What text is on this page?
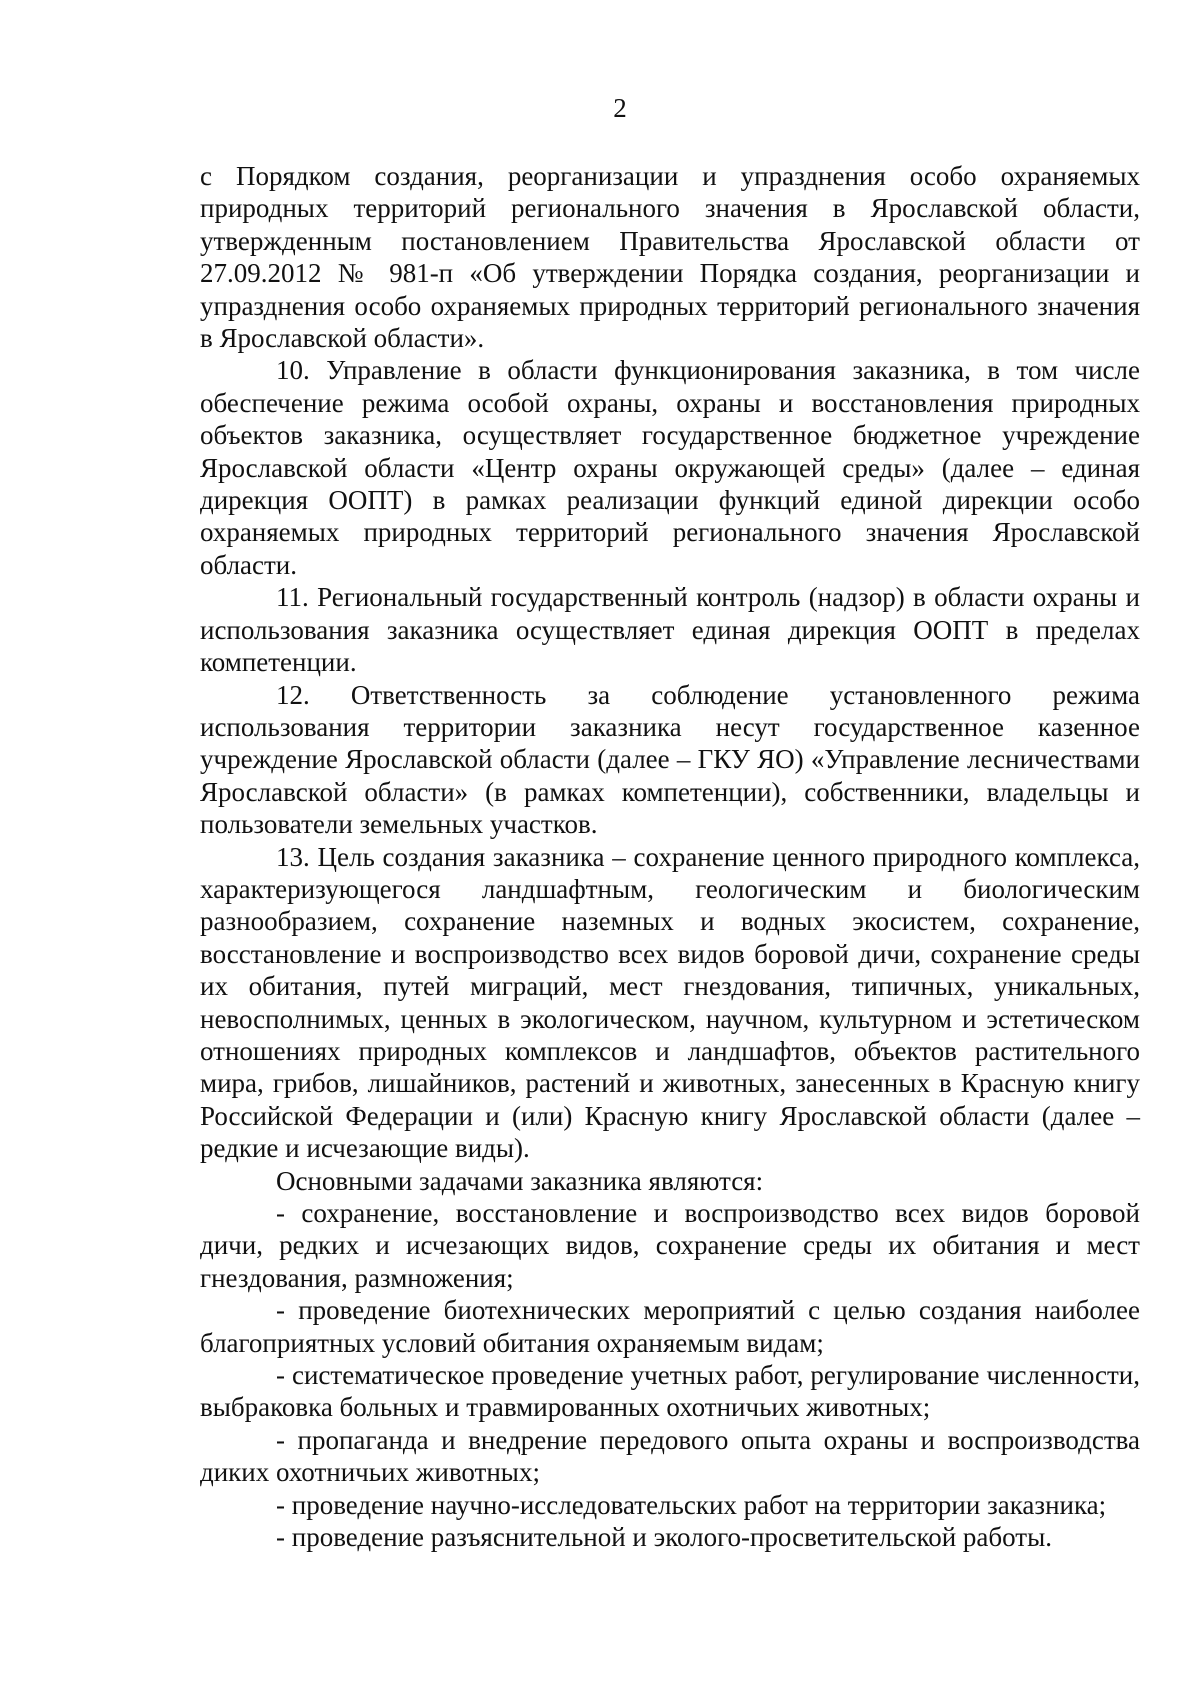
2

с Порядком создания, реорганизации и упразднения особо охраняемых природных территорий регионального значения в Ярославской области, утвержденным постановлением Правительства Ярославской области от 27.09.2012 № 981-п «Об утверждении Порядка создания, реорганизации и упразднения особо охраняемых природных территорий регионального значения в Ярославской области».

10. Управление в области функционирования заказника, в том числе обеспечение режима особой охраны, охраны и восстановления природных объектов заказника, осуществляет государственное бюджетное учреждение Ярославской области «Центр охраны окружающей среды» (далее – единая дирекция ООПТ) в рамках реализации функций единой дирекции особо охраняемых природных территорий регионального значения Ярославской области.

11. Региональный государственный контроль (надзор) в области охраны и использования заказника осуществляет единая дирекция ООПТ в пределах компетенции.

12. Ответственность за соблюдение установленного режима использования территории заказника несут государственное казенное учреждение Ярославской области (далее – ГКУ ЯО) «Управление лесничествами Ярославской области» (в рамках компетенции), собственники, владельцы и пользователи земельных участков.

13. Цель создания заказника – сохранение ценного природного комплекса, характеризующегося ландшафтным, геологическим и биологическим разнообразием, сохранение наземных и водных экосистем, сохранение, восстановление и воспроизводство всех видов боровой дичи, сохранение среды их обитания, путей миграций, мест гнездования, типичных, уникальных, невосполнимых, ценных в экологическом, научном, культурном и эстетическом отношениях природных комплексов и ландшафтов, объектов растительного мира, грибов, лишайников, растений и животных, занесенных в Красную книгу Российской Федерации и (или) Красную книгу Ярославской области (далее – редкие и исчезающие виды).

Основными задачами заказника являются:

- сохранение, восстановление и воспроизводство всех видов боровой дичи, редких и исчезающих видов, сохранение среды их обитания и мест гнездования, размножения;

- проведение биотехнических мероприятий с целью создания наиболее благоприятных условий обитания охраняемым видам;

- систематическое проведение учетных работ, регулирование численности, выбраковка больных и травмированных охотничьих животных;

- пропаганда и внедрение передового опыта охраны и воспроизводства диких охотничьих животных;

- проведение научно-исследовательских работ на территории заказника;

- проведение разъяснительной и эколого-просветительской работы.
